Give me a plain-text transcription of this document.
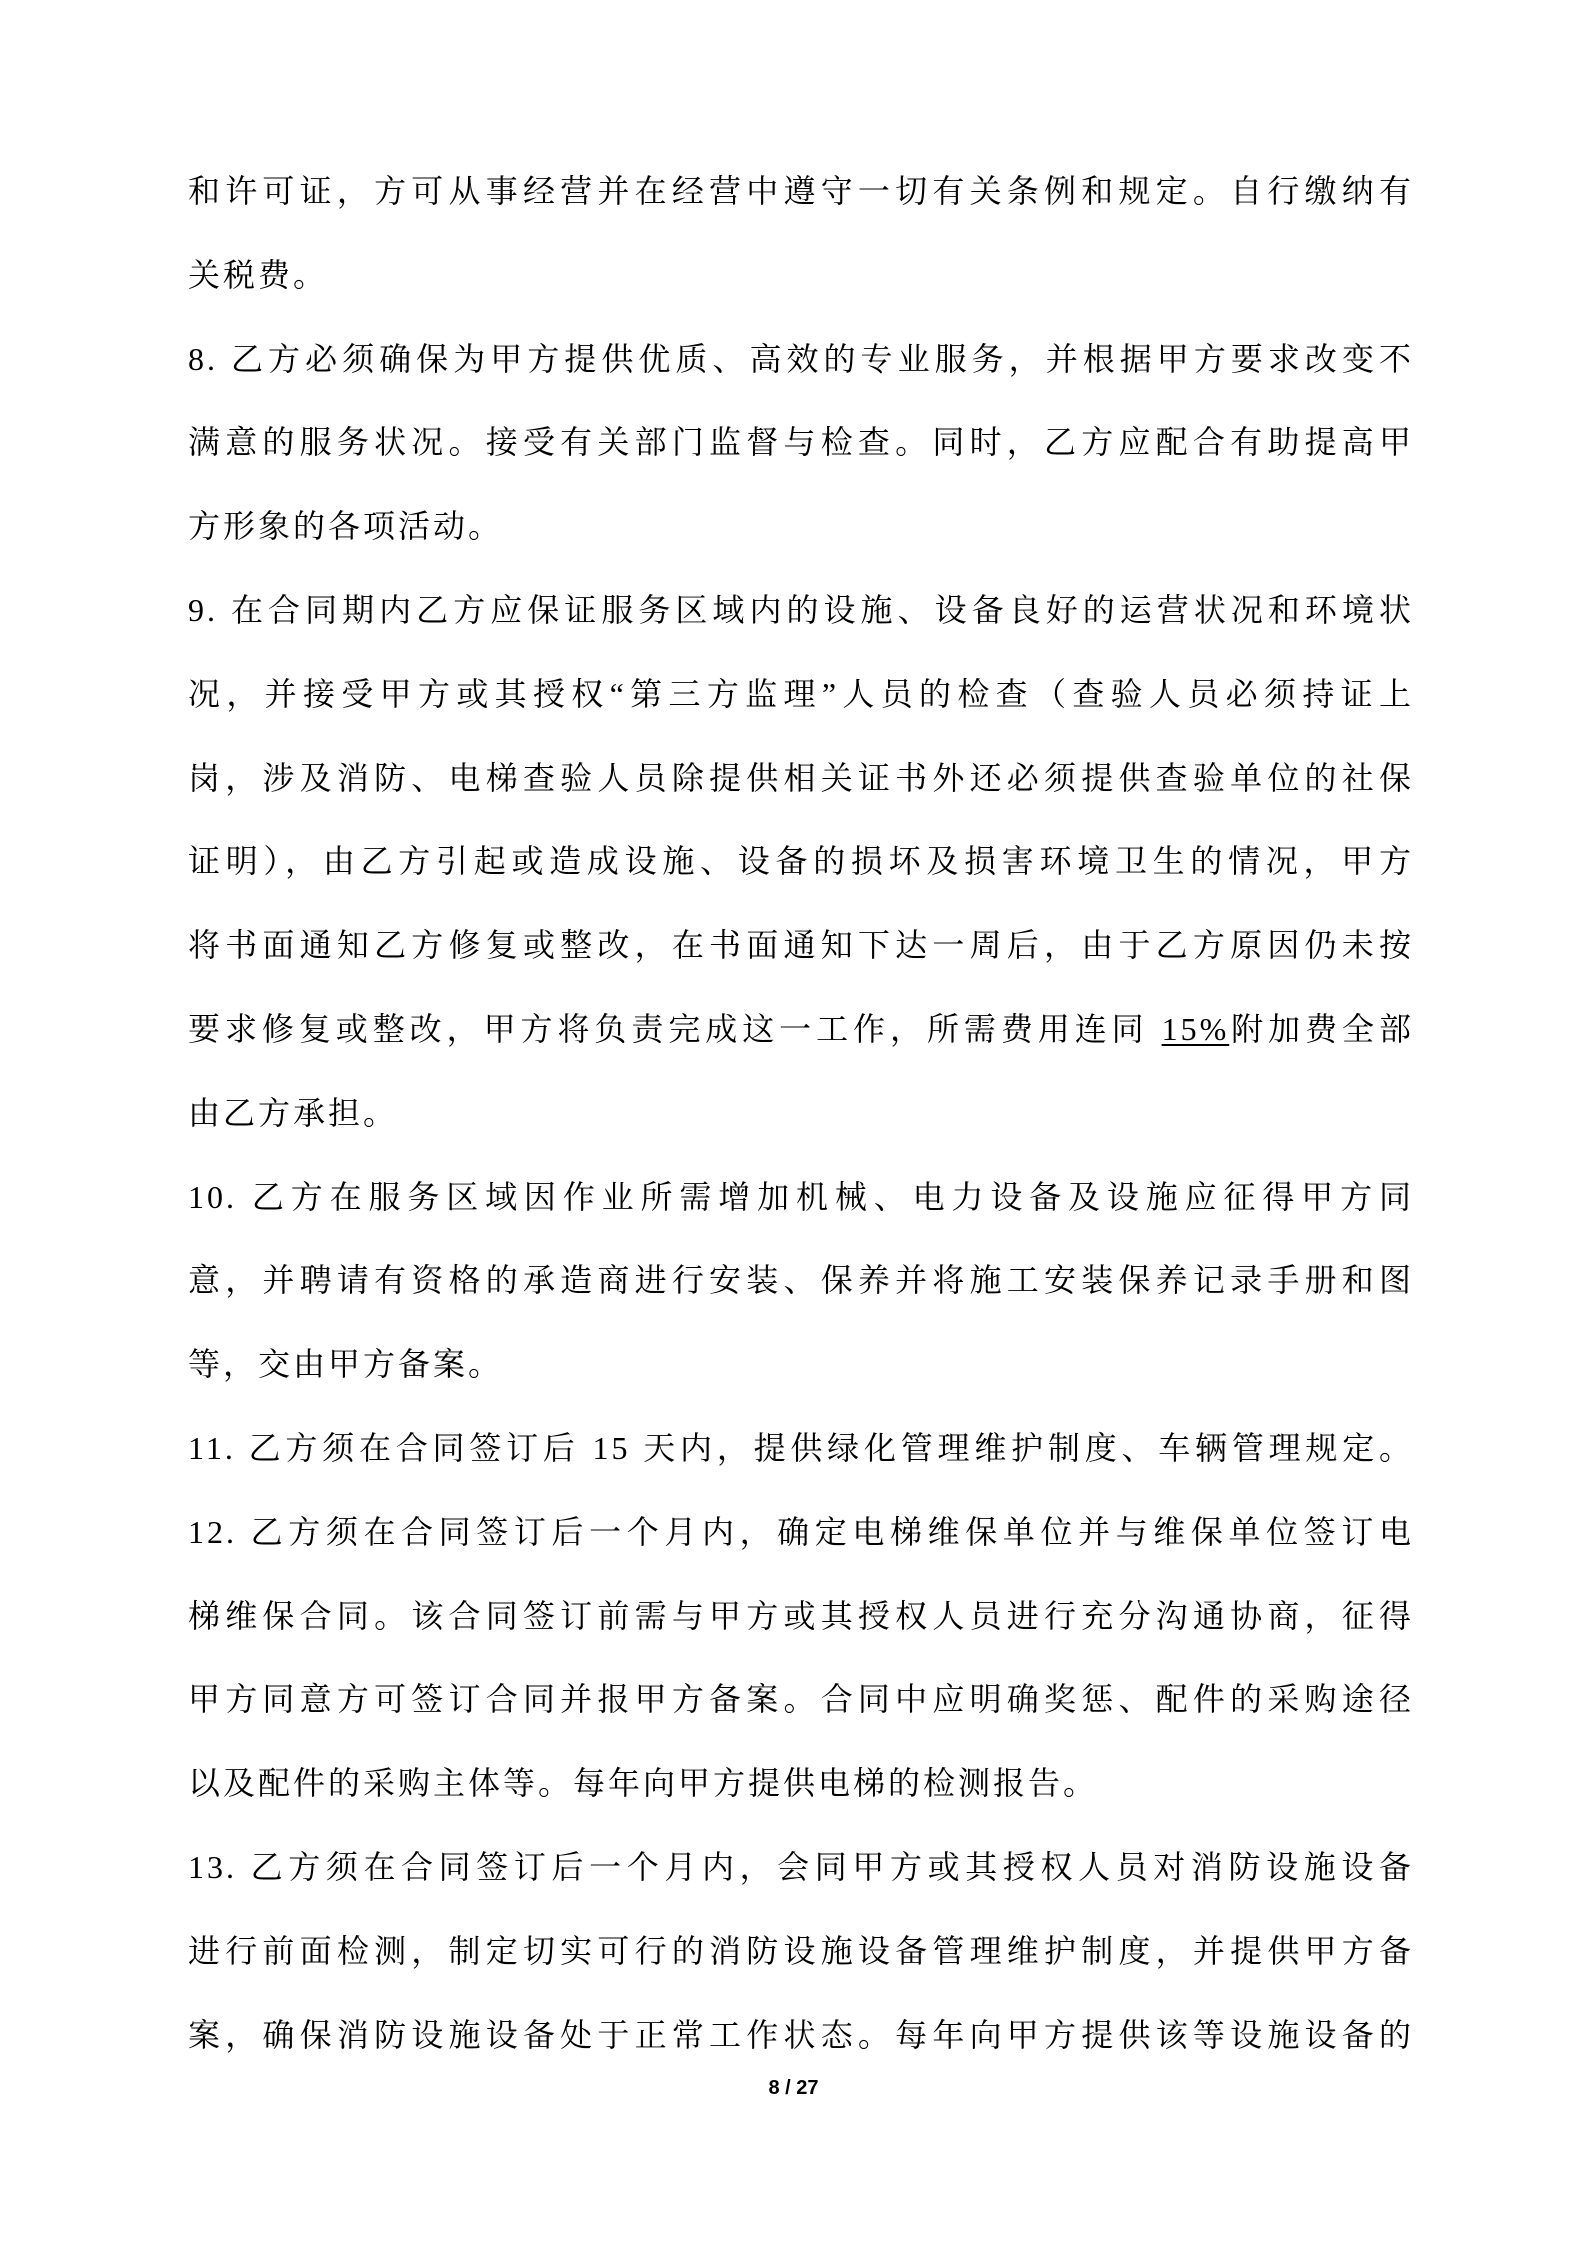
和许可证，方可从事经营并在经营中遵守一切有关条例和规定。自行缴纳有
关税费。
8. 乙方必须确保为甲方提供优质、高效的专业服务，并根据甲方要求改变不
满意的服务状况。接受有关部门监督与检查。同时，乙方应配合有助提高甲
方形象的各项活动。
9. 在合同期内乙方应保证服务区域内的设施、设备良好的运营状况和环境状
况，并接受甲方或其授权“第三方监理”人员的检查（查验人员必须持证上
岗，涉及消防、电梯查验人员除提供相关证书外还必须提供查验单位的社保
证明），由乙方引起或造成设施、设备的损坏及损害环境卫生的情况，甲方
将书面通知乙方修复或整改，在书面通知下达一周后，由于乙方原因仍未按
要求修复或整改，甲方将负责完成这一工作，所需费用连同 15%附加费全部
由乙方承担。
10. 乙方在服务区域因作业所需增加机械、电力设备及设施应征得甲方同
意，并聘请有资格的承造商进行安装、保养并将施工安装保养记录手册和图
等，交由甲方备案。
11. 乙方须在合同签订后 15 天内，提供绿化管理维护制度、车辆管理规定。
12. 乙方须在合同签订后一个月内，确定电梯维保单位并与维保单位签订电
梯维保合同。该合同签订前需与甲方或其授权人员进行充分沟通协商，征得
甲方同意方可签订合同并报甲方备案。合同中应明确奖惩、配件的采购途径
以及配件的采购主体等。每年向甲方提供电梯的检测报告。
13. 乙方须在合同签订后一个月内，会同甲方或其授权人员对消防设施设备
进行前面检测，制定切实可行的消防设施设备管理维护制度，并提供甲方备
案，确保消防设施设备处于正常工作状态。每年向甲方提供该等设施设备的
8 / 27
